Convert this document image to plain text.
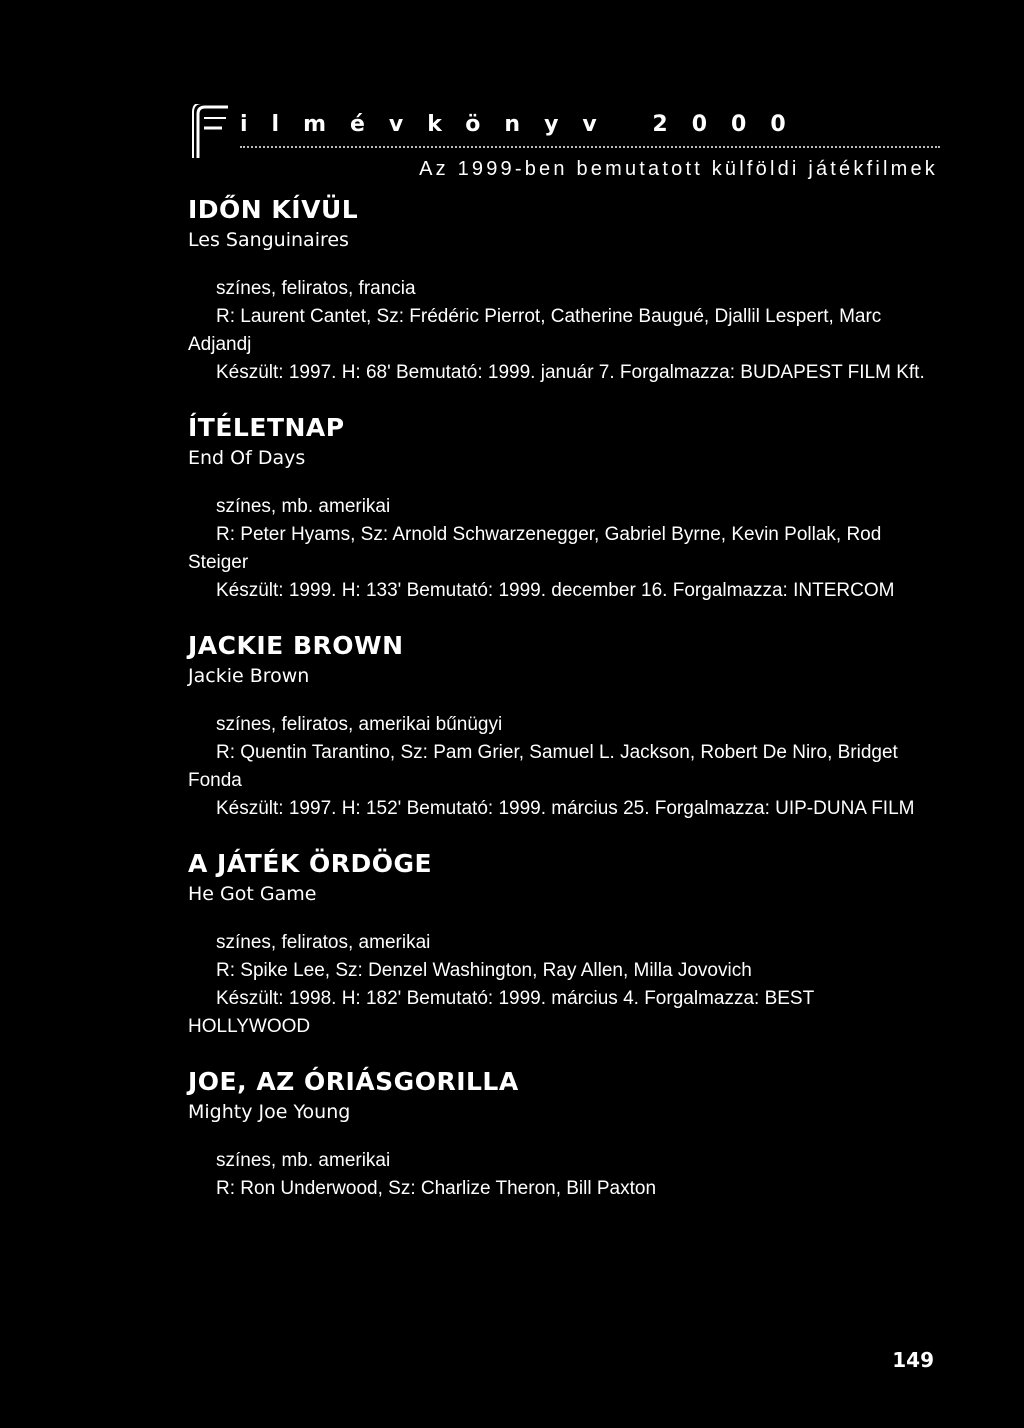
ilmévkönyv 2000
Az 1999-ben bemutatott külföldi játékfilmek
IDŐN KÍVÜL
Les Sanguinaires
színes, feliratos, francia
R: Laurent Cantet, Sz: Frédéric Pierrot, Catherine Baugué, Djallil Lespert, Marc Adjandj
Készült: 1997. H: 68' Bemutató: 1999. január 7. Forgalmazza: BUDAPEST FILM Kft.
ÍTÉLETNAP
End Of Days
színes, mb. amerikai
R: Peter Hyams, Sz: Arnold Schwarzenegger, Gabriel Byrne, Kevin Pollak, Rod Steiger
Készült: 1999. H: 133' Bemutató: 1999. december 16. Forgalmazza: INTERCOM
JACKIE BROWN
Jackie Brown
színes, feliratos, amerikai bűnügyi
R: Quentin Tarantino, Sz: Pam Grier, Samuel L. Jackson, Robert De Niro, Bridget Fonda
Készült: 1997. H: 152' Bemutató: 1999. március 25. Forgalmazza: UIP-DUNA FILM
A JÁTÉK ÖRDÖGE
He Got Game
színes, feliratos, amerikai
R: Spike Lee, Sz: Denzel Washington, Ray Allen, Milla Jovovich
Készült: 1998. H: 182' Bemutató: 1999. március 4. Forgalmazza: BEST HOLLYWOOD
JOE, AZ ÓRIÁSGORILLA
Mighty Joe Young
színes, mb. amerikai
R: Ron Underwood, Sz: Charlize Theron, Bill Paxton
149
